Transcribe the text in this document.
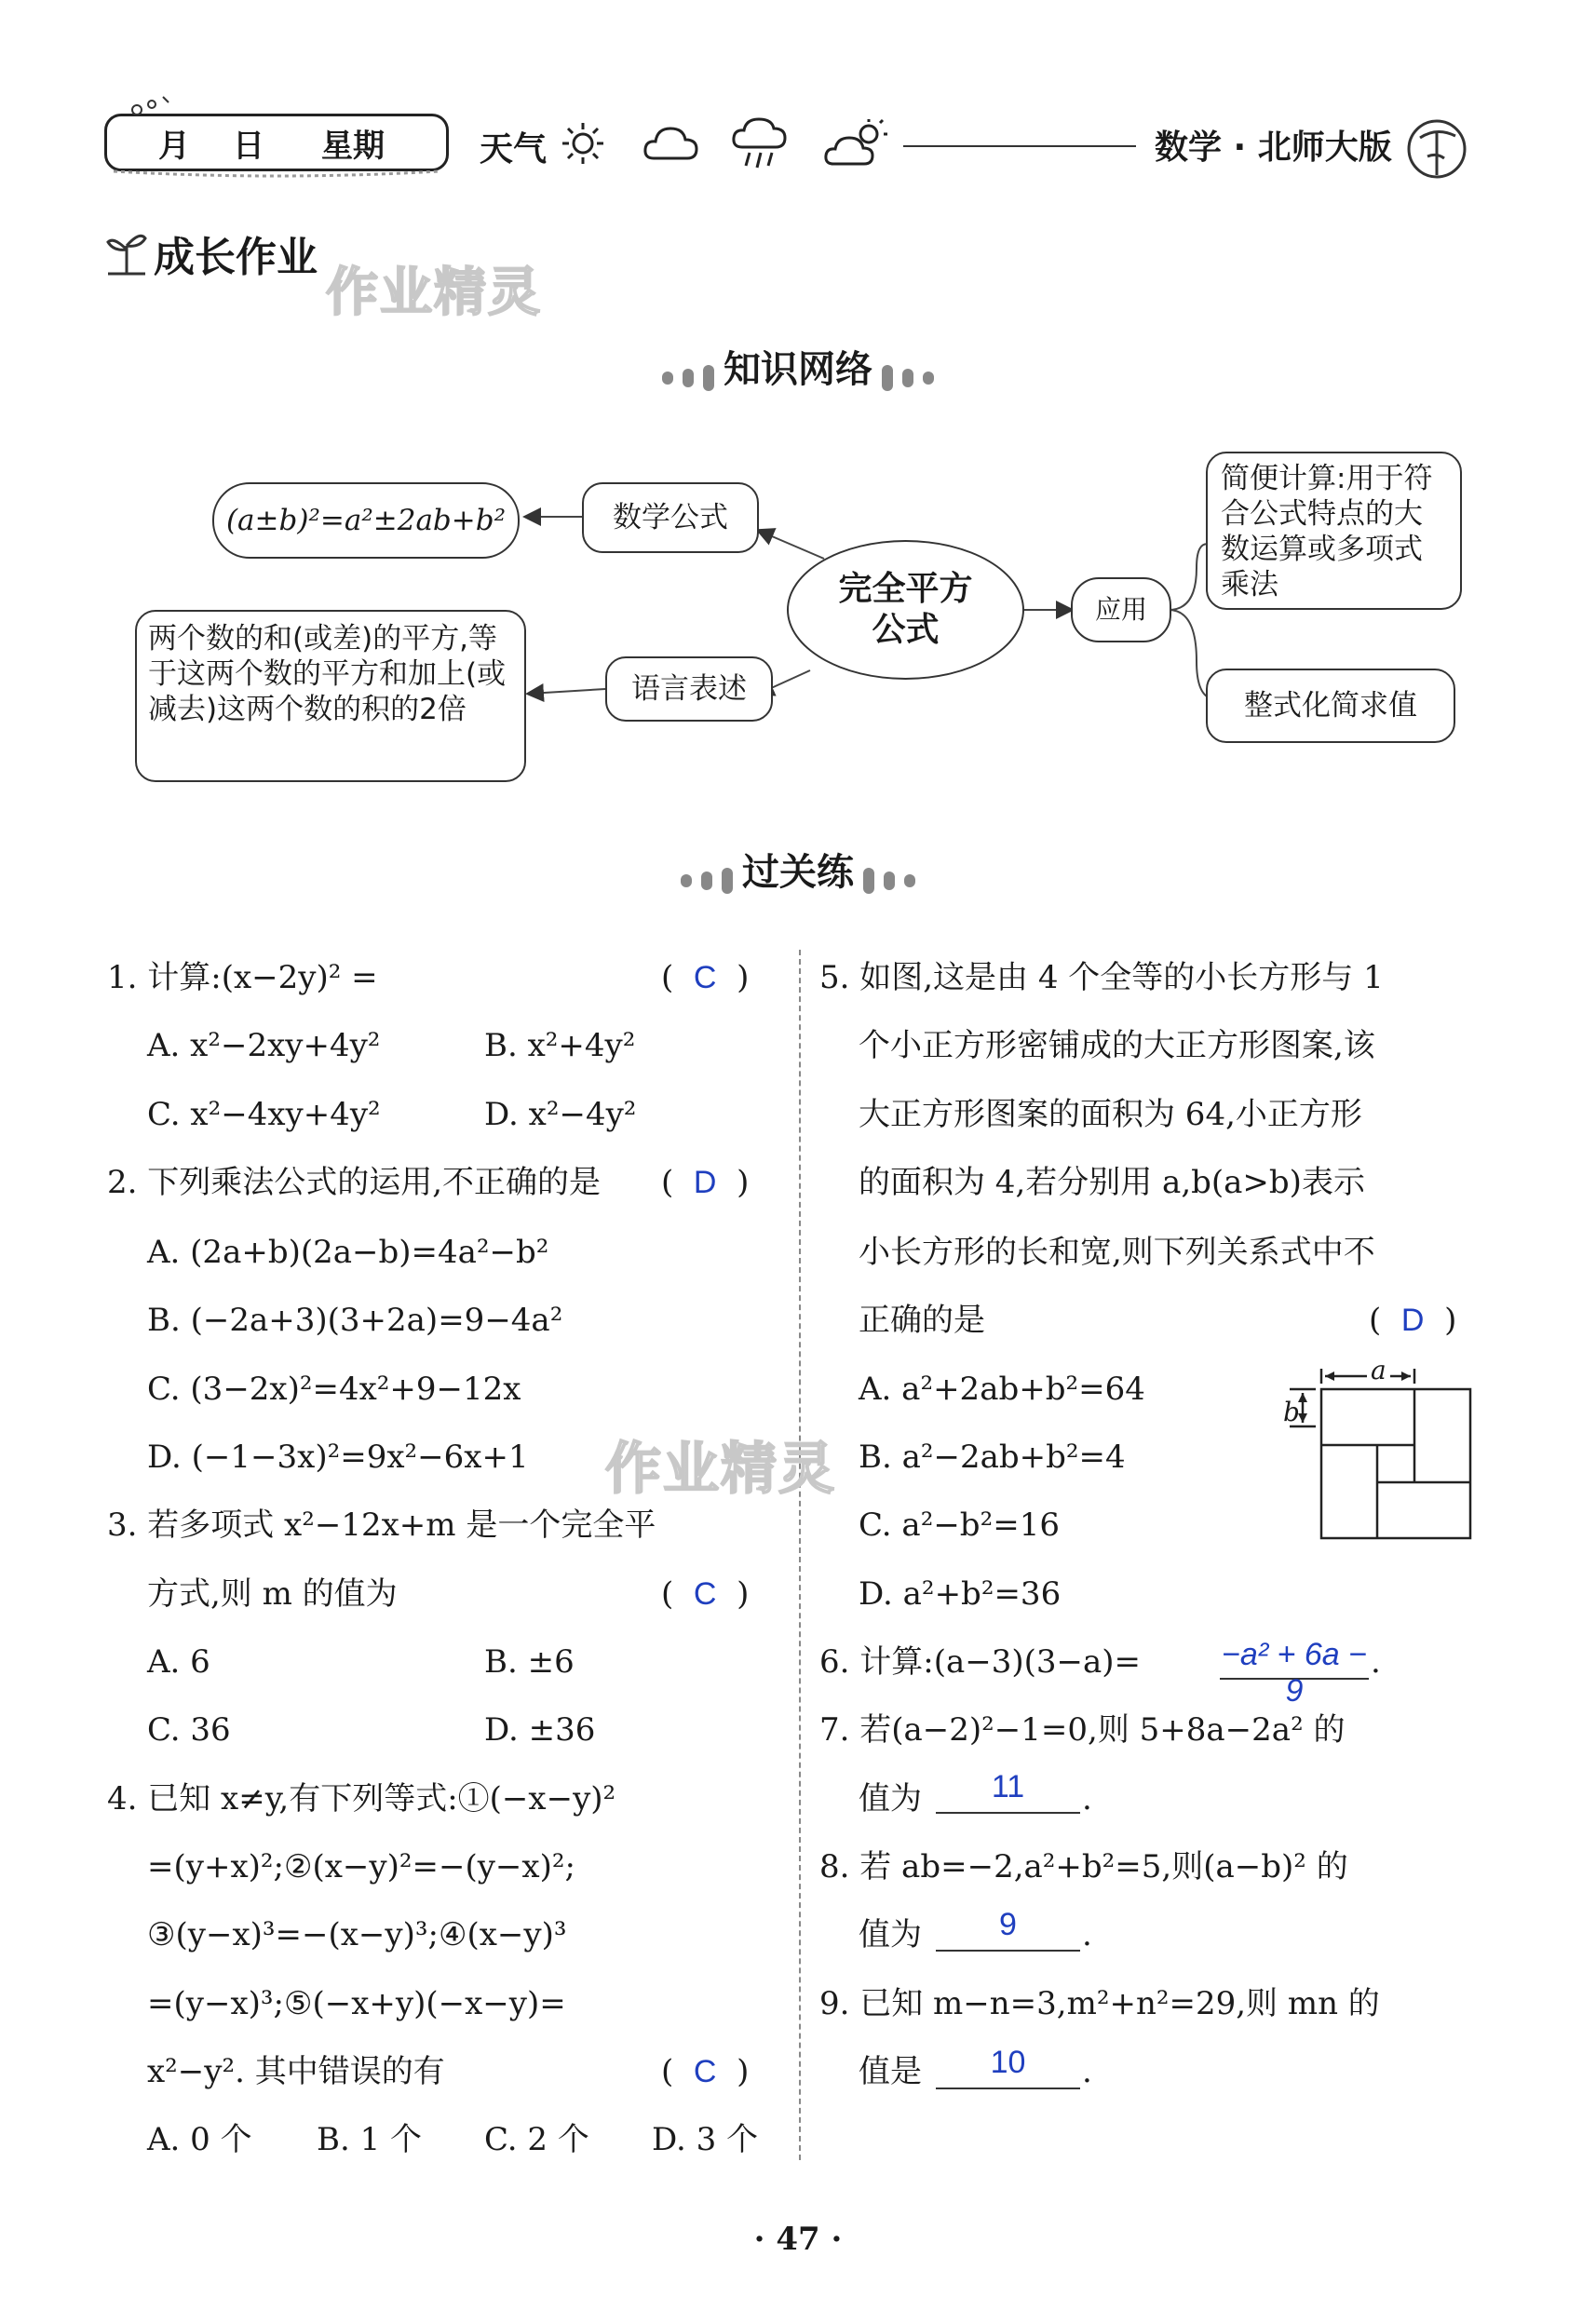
月 日 星期	天气	数学 · 北师大版
成长作业
作业精灵
知识网络
(a±b)²=a²±2ab+b²	数学公式
完全平方公式
应用
简便计算:用于符合公式特点的大数运算或多项式乘法
整式化简求值
语言表述
两个数的和(或差)的平方,等于这两个数的平方和加上(或减去)这两个数的积的2倍
过关练
1. 计算:(x−2y)² =	(  C  )
A. x²−2xy+4y²	B. x²+4y²
C. x²−4xy+4y²	D. x²−4y²
2. 下列乘法公式的运用,不正确的是 (  D  )
A. (2a+b)(2a−b)=4a²−b²
B. (−2a+3)(3+2a)=9−4a²
C. (3−2x)²=4x²+9−12x
D. (−1−3x)²=9x²−6x+1 作业精灵
3. 若多项式 x²−12x+m 是一个完全平
方式,则 m 的值为	(  C  )
A. 6	B. ±6
C. 36	D. ±36
4. 已知 x≠y,有下列等式:①(−x−y)²
=(y+x)²;②(x−y)²=−(y−x)²;
③(y−x)³=−(x−y)³;④(x−y)³
=(y−x)³;⑤(−x+y)(−x−y)=
x²−y². 其中错误的有	(  C  )
A. 0 个 B. 1 个 C. 2 个 D. 3 个
5. 如图,这是由 4 个全等的小长方形与 1
个小正方形密铺成的大正方形图案,该
大正方形图案的面积为 64,小正方形
的面积为 4,若分别用 a,b(a>b)表示
小长方形的长和宽,则下列关系式中不
正确的是	(  D  )
A. a²+2ab+b²=64
B. a²−2ab+b²=4
C. a²−b²=16
D. a²+b²=36
a
b
6. 计算:(a−3)(3−a)=	−a² + 6a − 9
.
7. 若(a−2)²−1=0,则 5+8a−2a² 的
值为	11	.
8. 若 ab=−2,a²+b²=5,则(a−b)² 的
值为	9	.
9. 已知 m−n=3,m²+n²=29,则 mn 的
值是	10	.
· 47 ·
